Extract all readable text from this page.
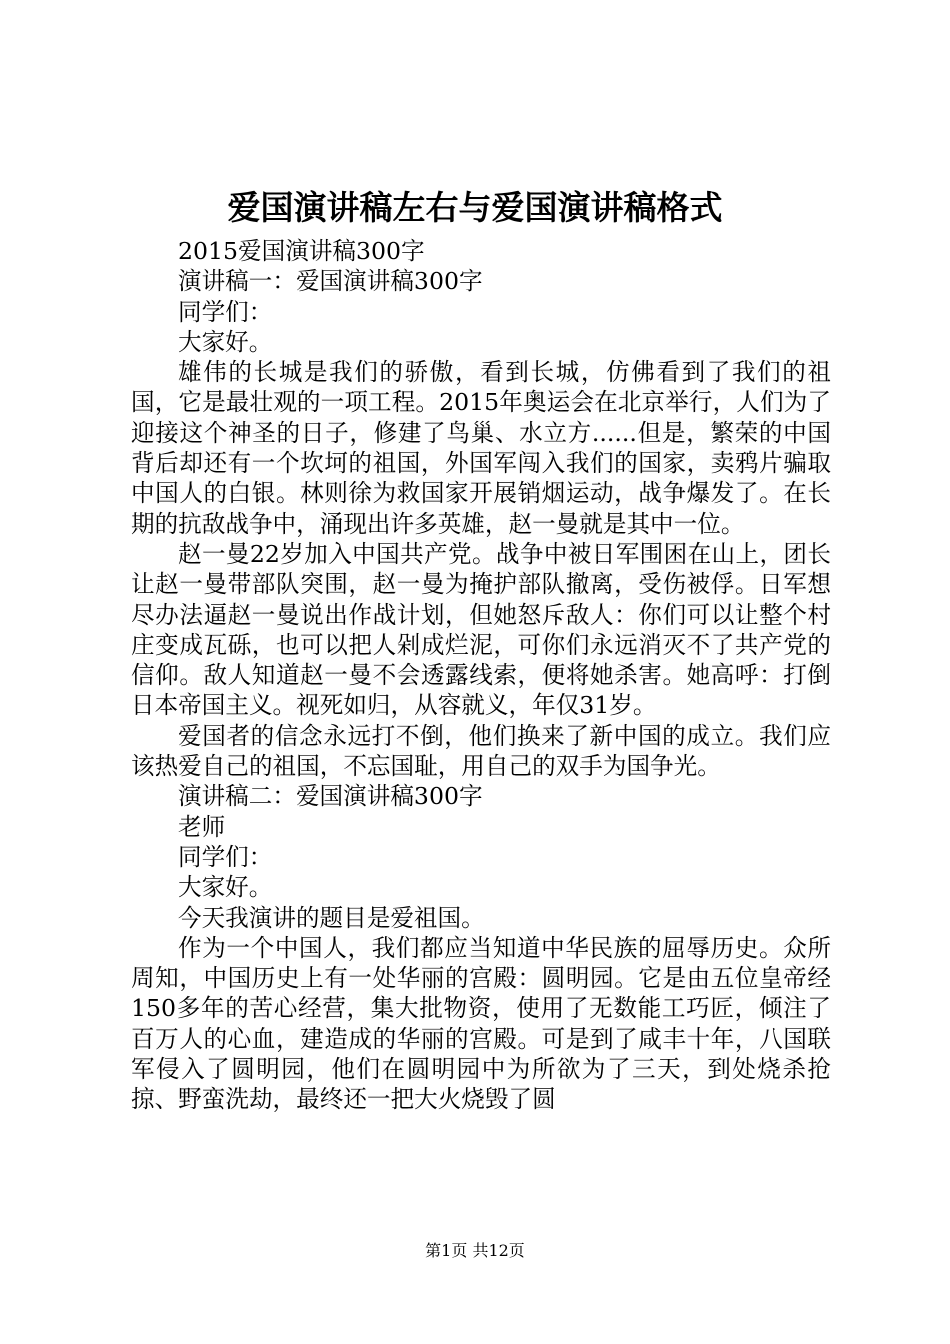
爱国演讲稿左右与爱国演讲稿格式

2015爱国演讲稿300字

演讲稿一：爱国演讲稿300字

同学们：

大家好。

雄伟的长城是我们的骄傲，看到长城，仿佛看到了我们的祖国，它是最壮观的一项工程。2015年奥运会在北京举行，人们为了迎接这个神圣的日子，修建了鸟巢、水立方......但是，繁荣的中国背后却还有一个坎坷的祖国，外国军闯入我们的国家，卖鸦片骗取中国人的白银。林则徐为救国家开展销烟运动，战争爆发了。在长期的抗敌战争中，涌现出许多英雄，赵一曼就是其中一位。

赵一曼22岁加入中国共产党。战争中被日军围困在山上，团长让赵一曼带部队突围，赵一曼为掩护部队撤离，受伤被俘。日军想尽办法逼赵一曼说出作战计划，但她怒斥敌人：你们可以让整个村庄变成瓦砾，也可以把人剁成烂泥，可你们永远消灭不了共产党的信仰。敌人知道赵一曼不会透露线索，便将她杀害。她高呼：打倒日本帝国主义。视死如归，从容就义，年仅31岁。

爱国者的信念永远打不倒，他们换来了新中国的成立。我们应该热爱自己的祖国，不忘国耻，用自己的双手为国争光。

演讲稿二：爱国演讲稿300字

老师

同学们：

大家好。

今天我演讲的题目是爱祖国。

作为一个中国人，我们都应当知道中华民族的屈辱历史。众所周知，中国历史上有一处华丽的宫殿：圆明园。它是由五位皇帝经150多年的苦心经营，集大批物资，使用了无数能工巧匠，倾注了百万人的心血，建造成的华丽的宫殿。可是到了咸丰十年，八国联军侵入了圆明园，他们在圆明园中为所欲为了三天，到处烧杀抢掠、野蛮洗劫，最终还一把大火烧毁了圆

第1页 共12页
